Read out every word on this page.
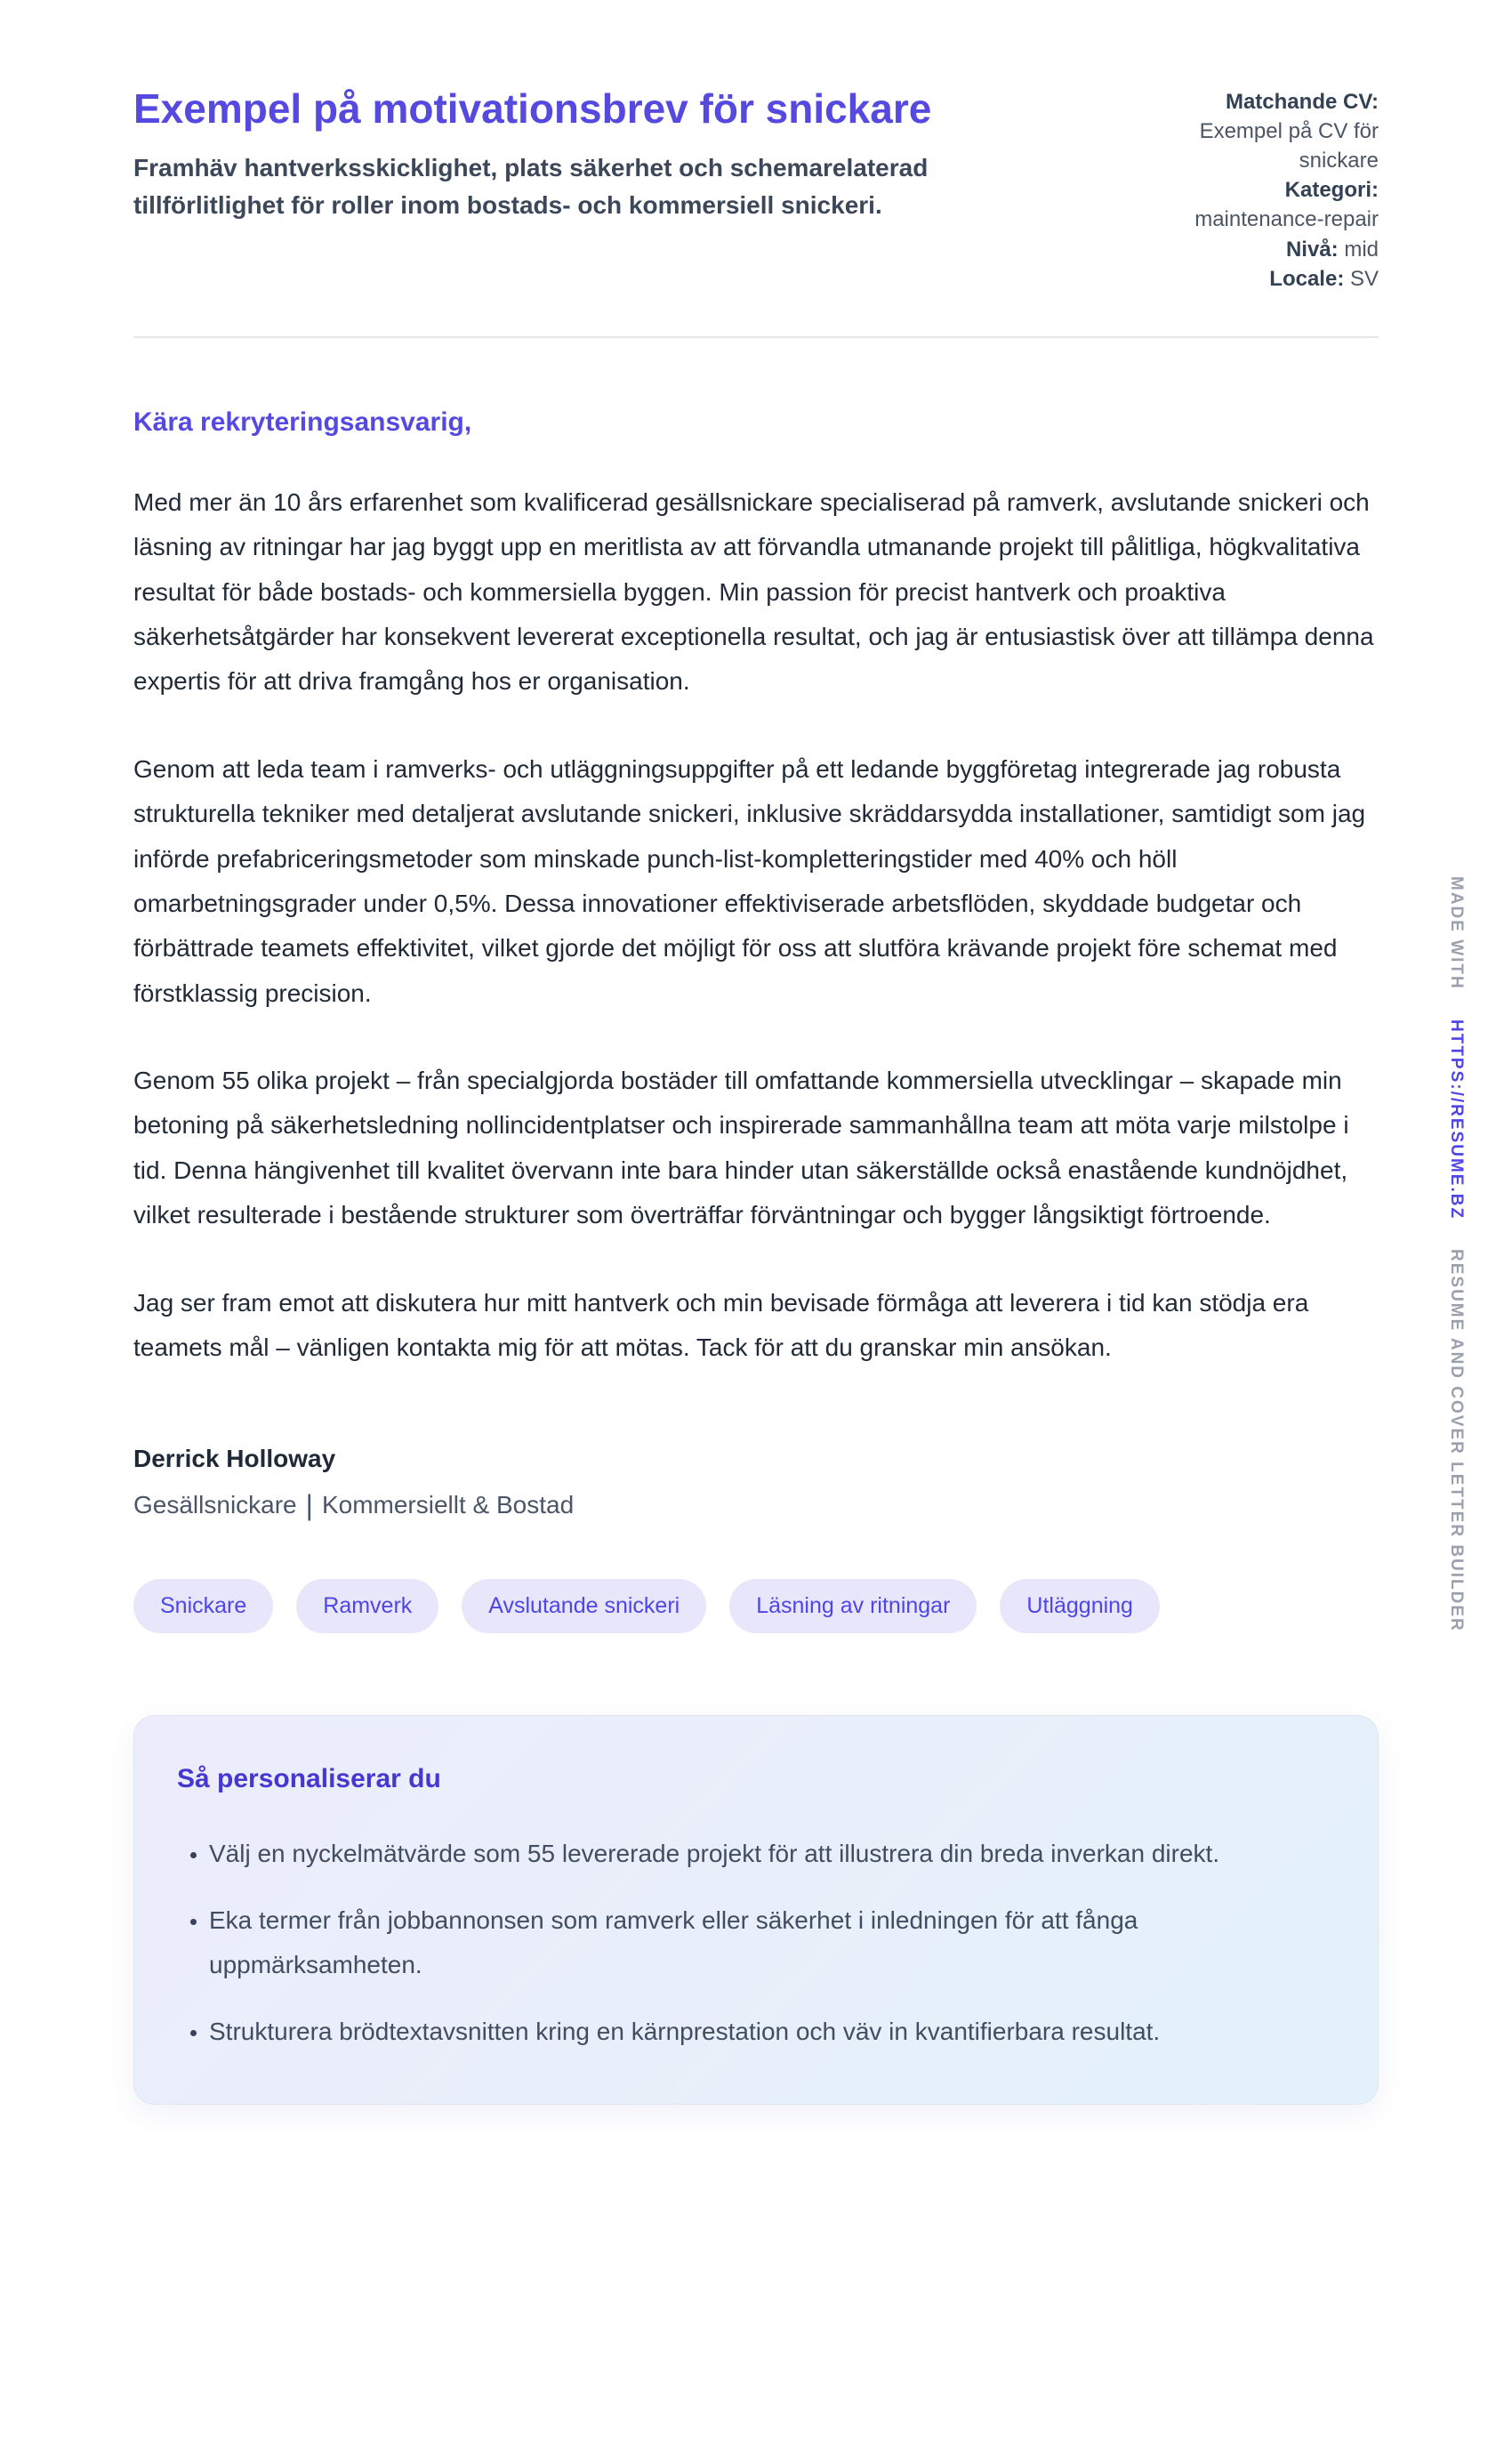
Exempel på motivationsbrev för snickare

Framhäv hantverksskicklighet, plats säkerhet och schemarelaterad tillförlitlighet för roller inom bostads- och kommersiell snickeri.

Matchande CV:
Exempel på CV för snickare
Kategori:
maintenance-repair
Nivå: mid
Locale: SV
Kära rekryteringsansvarig,

Med mer än 10 års erfarenhet som kvalificerad gesällsnickare specialiserad på ramverk, avslutande snickeri och läsning av ritningar har jag byggt upp en meritlista av att förvandla utmanande projekt till pålitliga, högkvalitativa resultat för både bostads- och kommersiella byggen. Min passion för precist hantverk och proaktiva säkerhetsåtgärder har konsekvent levererat exceptionella resultat, och jag är entusiastisk över att tillämpa denna expertis för att driva framgång hos er organisation.

Genom att leda team i ramverks- och utläggningsuppgifter på ett ledande byggföretag integrerade jag robusta strukturella tekniker med detaljerat avslutande snickeri, inklusive skräddarsydda installationer, samtidigt som jag införde prefabriceringsmetoder som minskade punch-list-kompletteringstider med 40% och höll omarbetningsgrader under 0,5%. Dessa innovationer effektiviserade arbetsflöden, skyddade budgetar och förbättrade teamets effektivitet, vilket gjorde det möjligt för oss att slutföra krävande projekt före schemat med förstklassig precision.

Genom 55 olika projekt – från specialgjorda bostäder till omfattande kommersiella utvecklingar – skapade min betoning på säkerhetsledning nollincidentplatser och inspirerade sammanhållna team att möta varje milstolpe i tid. Denna hängivenhet till kvalitet övervann inte bara hinder utan säkerställde också enastående kundnöjdhet, vilket resulterade i bestående strukturer som överträffar förväntningar och bygger långsiktigt förtroende.

Jag ser fram emot att diskutera hur mitt hantverk och min bevisade förmåga att leverera i tid kan stödja era teamets mål – vänligen kontakta mig för att mötas. Tack för att du granskar min ansökan.

Derrick Holloway
Gesällsnickare | Kommersiellt & Bostad
Snickare	Ramverk	Avslutande snickeri	Läsning av ritningar	Utläggning
Så personaliserar du
• Välj en nyckelmätvärde som 55 levererade projekt för att illustrera din breda inverkan direkt.
• Eka termer från jobbannonsen som ramverk eller säkerhet i inledningen för att fånga uppmärksamheten.
• Strukturera brödtextavsnitten kring en kärnprestation och väv in kvantifierbara resultat.
MADE WITH HTTPS://RESUME.BZ RESUME AND COVER LETTER BUILDER
